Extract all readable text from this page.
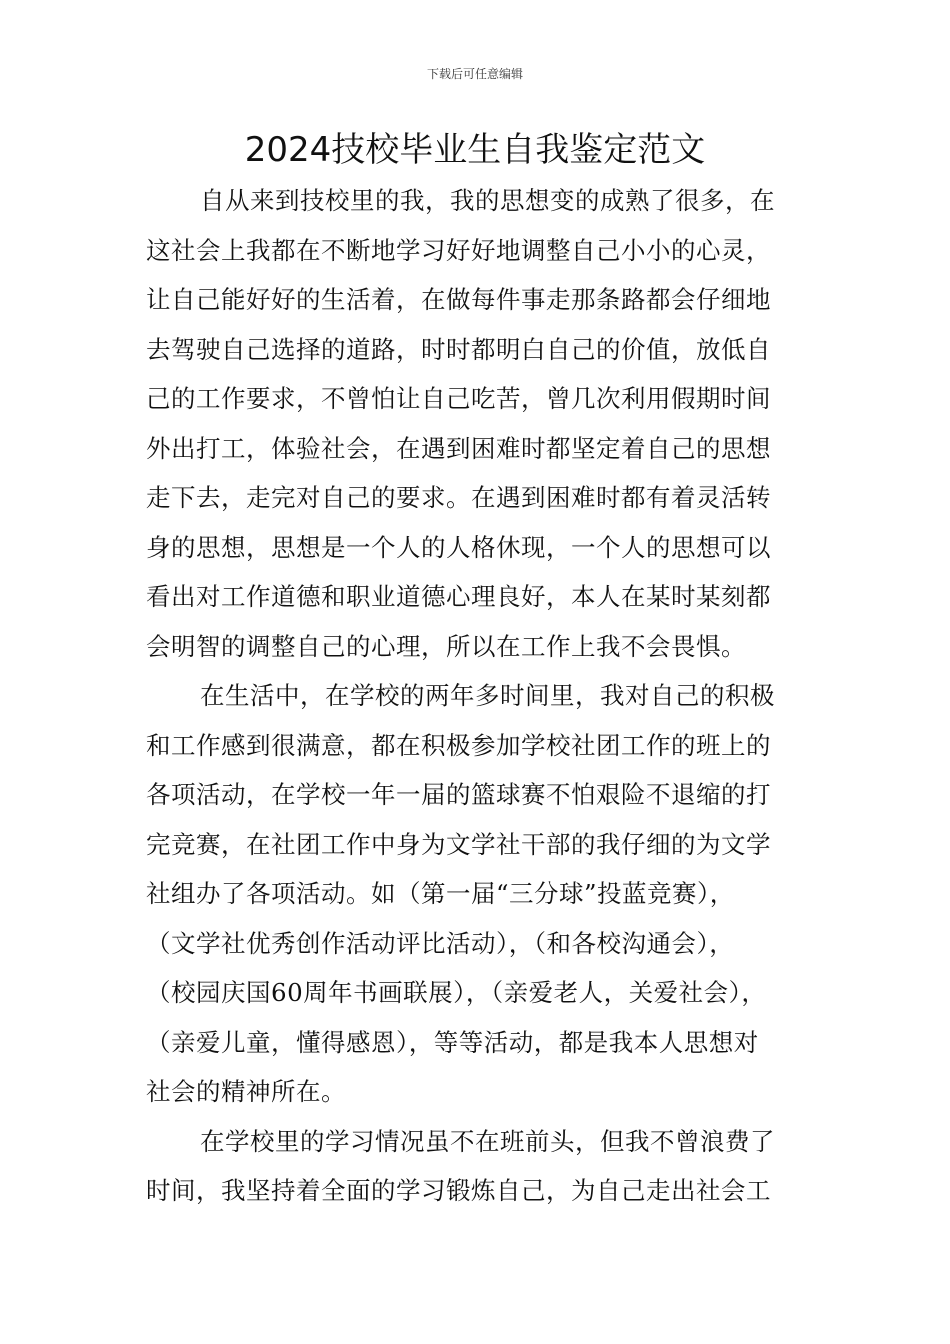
下载后可任意编辑
2024技校毕业生自我鉴定范文
自从来到技校里的我，我的思想变的成熟了很多，在
这社会上我都在不断地学习好好地调整自己小小的心灵，
让自己能好好的生活着，在做每件事走那条路都会仔细地
去驾驶自己选择的道路，时时都明白自己的价值，放低自
己的工作要求，不曾怕让自己吃苦，曾几次利用假期时间
外出打工，体验社会，在遇到困难时都坚定着自己的思想
走下去，走完对自己的要求。在遇到困难时都有着灵活转
身的思想，思想是一个人的人格休现，一个人的思想可以
看出对工作道德和职业道德心理良好，本人在某时某刻都
会明智的调整自己的心理，所以在工作上我不会畏惧。
在生活中，在学校的两年多时间里，我对自己的积极
和工作感到很满意，都在积极参加学校社团工作的班上的
各项活动，在学校一年一届的篮球赛不怕艰险不退缩的打
完竞赛，在社团工作中身为文学社干部的我仔细的为文学
社组办了各项活动。如（第一届“三分球”投蓝竞赛），
（文学社优秀创作活动评比活动），（和各校沟通会），
（校园庆国60周年书画联展），（亲爱老人，关爱社会），
（亲爱儿童，懂得感恩），等等活动，都是我本人思想对
社会的精神所在。
在学校里的学习情况虽不在班前头，但我不曾浪费了
时间，我坚持着全面的学习锻炼自己，为自己走出社会工
